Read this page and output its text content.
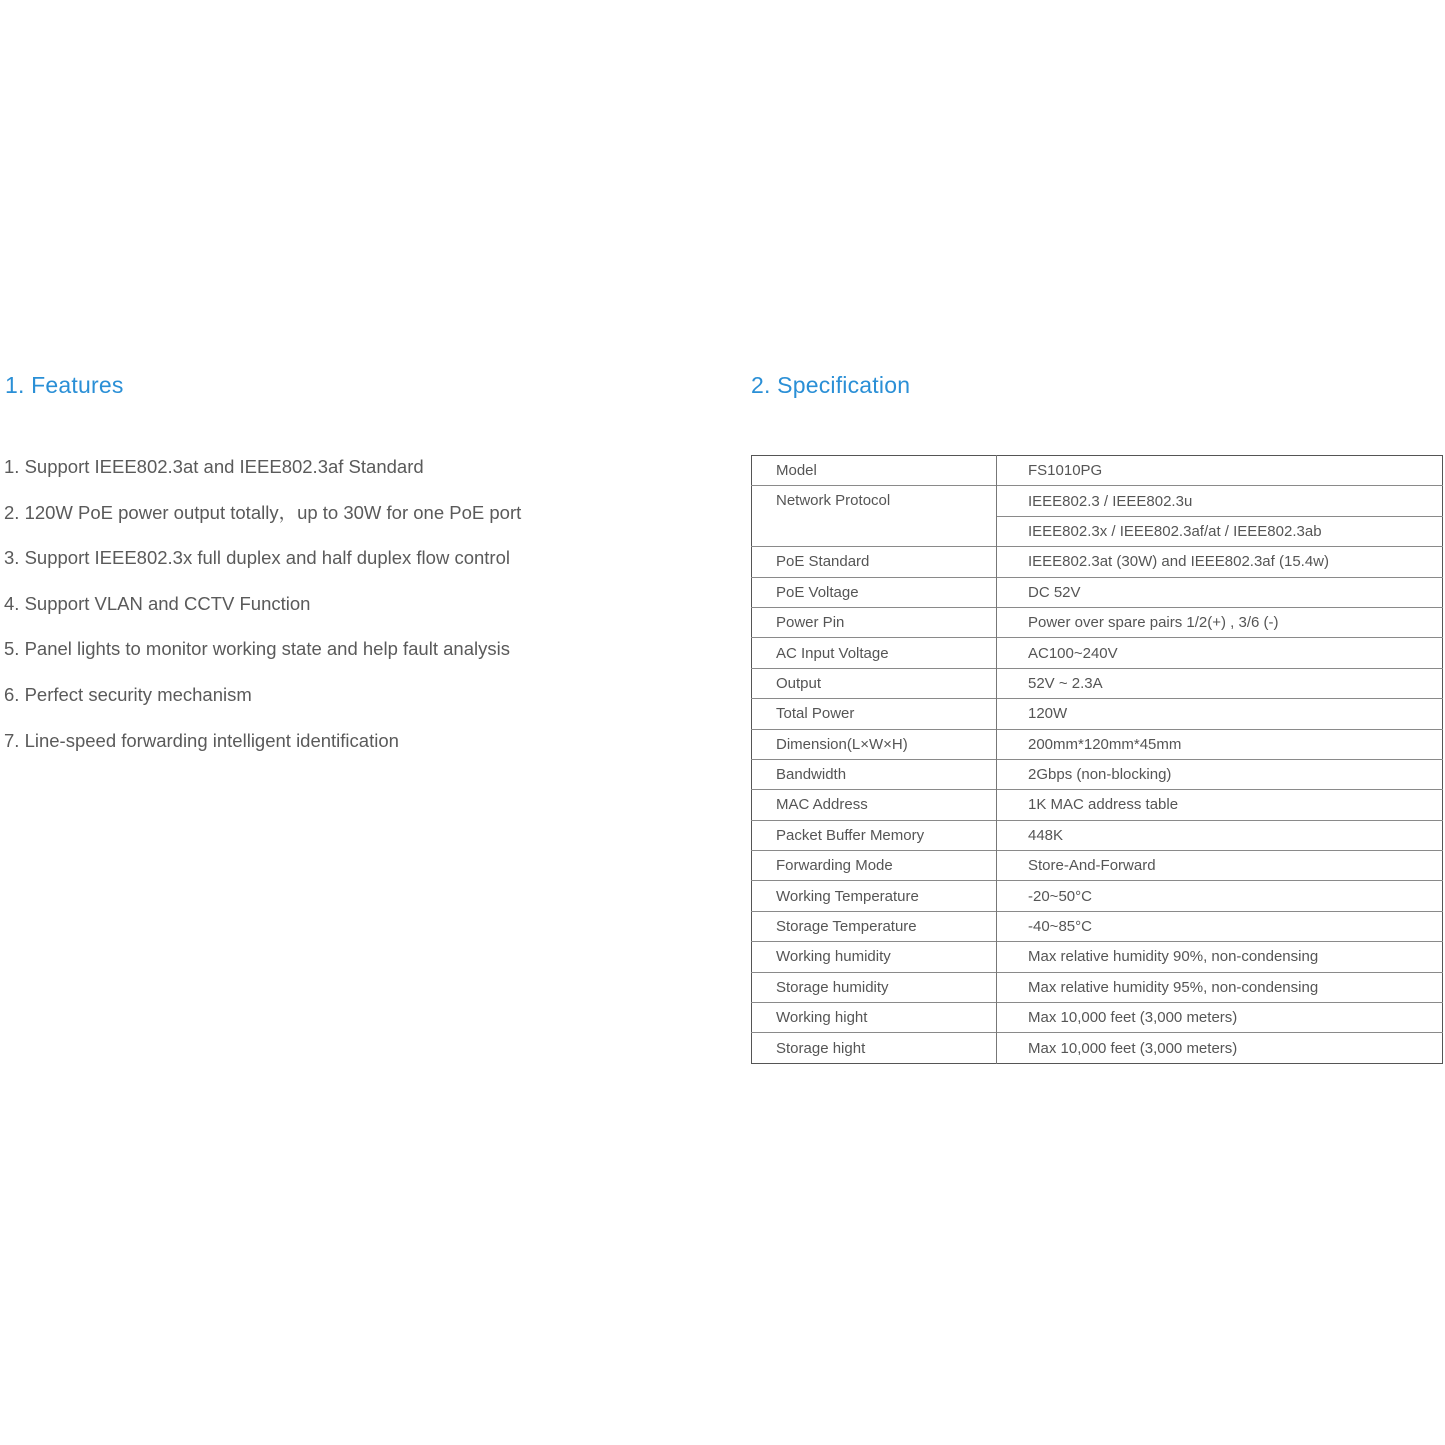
1. Features
1. Support IEEE802.3at and IEEE802.3af Standard
2. 120W PoE power output totally，up to 30W for one PoE port
3. Support IEEE802.3x full duplex and half duplex flow control
4. Support VLAN and CCTV Function
5. Panel lights to monitor working state and help fault analysis
6. Perfect security mechanism
7. Line-speed forwarding intelligent identification
2. Specification
Model	FS1010PG
Network Protocol	IEEE802.3 / IEEE802.3u
	IEEE802.3x / IEEE802.3af/at / IEEE802.3ab
PoE Standard	IEEE802.3at (30W) and IEEE802.3af (15.4w)
PoE Voltage	DC 52V
Power Pin	Power over spare pairs 1/2(+) , 3/6 (-)
AC Input Voltage	AC100~240V
Output	52V ~ 2.3A
Total Power	120W
Dimension(L×W×H)	200mm*120mm*45mm
Bandwidth	2Gbps (non-blocking)
MAC Address	1K MAC address table
Packet Buffer Memory	448K
Forwarding Mode	Store-And-Forward
Working Temperature	-20~50°C
Storage Temperature	-40~85°C
Working humidity	Max relative humidity 90%, non-condensing
Storage humidity	Max relative humidity 95%, non-condensing
Working hight	Max 10,000 feet (3,000 meters)
Storage hight	Max 10,000 feet (3,000 meters)
